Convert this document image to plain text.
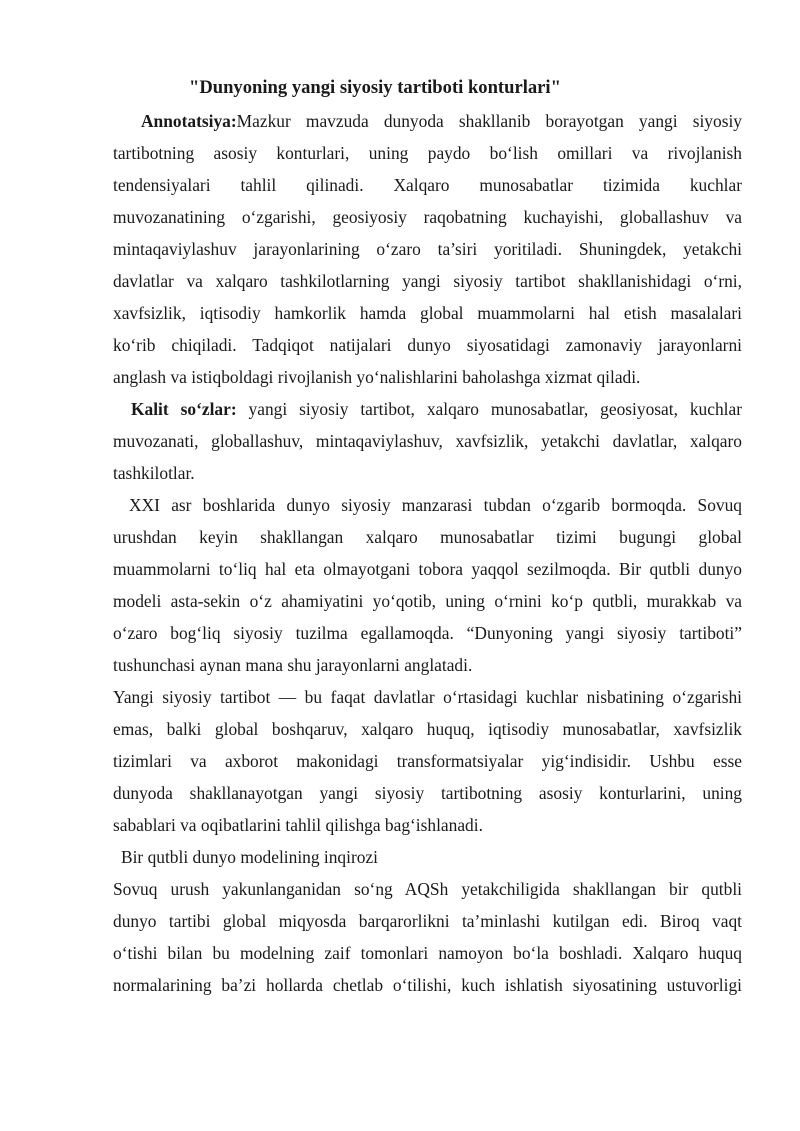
"Dunyoning yangi siyosiy tartiboti konturlari"
Annotatsiya:Mazkur mavzuda dunyoda shakllanib borayotgan yangi siyosiy
tartibotning asosiy konturlari, uning paydo bo‘lish omillari va rivojlanish
tendensiyalari tahlil qilinadi. Xalqaro munosabatlar tizimida kuchlar
muvozanatining o‘zgarishi, geosiyosiy raqobatning kuchayishi, globallashuv va
mintaqaviylashuv jarayonlarining o‘zaro ta’siri yoritiladi. Shuningdek, yetakchi
davlatlar va xalqaro tashkilotlarning yangi siyosiy tartibot shakllanishidagi o‘rni,
xavfsizlik, iqtisodiy hamkorlik hamda global muammolarni hal etish masalalari
ko‘rib chiqiladi. Tadqiqot natijalari dunyo siyosatidagi zamonaviy jarayonlarni
anglash va istiqboldagi rivojlanish yo‘nalishlarini baholashga xizmat qiladi.
Kalit so‘zlar: yangi siyosiy tartibot, xalqaro munosabatlar, geosiyosat, kuchlar
muvozanati, globallashuv, mintaqaviylashuv, xavfsizlik, yetakchi davlatlar, xalqaro
tashkilotlar.
XXI asr boshlarida dunyo siyosiy manzarasi tubdan o‘zgarib bormoqda. Sovuq
urushdan keyin shakllangan xalqaro munosabatlar tizimi bugungi global
muammolarni to‘liq hal eta olmayotgani tobora yaqqol sezilmoqda. Bir qutbli dunyo
modeli asta-sekin o‘z ahamiyatini yo‘qotib, uning o‘rnini ko‘p qutbli, murakkab va
o‘zaro bog‘liq siyosiy tuzilma egallamoqda. “Dunyoning yangi siyosiy tartiboti”
tushunchasi aynan mana shu jarayonlarni anglatadi.
Yangi siyosiy tartibot — bu faqat davlatlar o‘rtasidagi kuchlar nisbatining o‘zgarishi
emas, balki global boshqaruv, xalqaro huquq, iqtisodiy munosabatlar, xavfsizlik
tizimlari va axborot makonidagi transformatsiyalar yig‘indisidir. Ushbu esse
dunyoda shakllanayotgan yangi siyosiy tartibotning asosiy konturlarini, uning
sabablari va oqibatlarini tahlil qilishga bag‘ishlanadi.
Bir qutbli dunyo modelining inqirozi
Sovuq urush yakunlanganidan so‘ng AQSh yetakchiligida shakllangan bir qutbli
dunyo tartibi global miqyosda barqarorlikni ta’minlashi kutilgan edi. Biroq vaqt
o‘tishi bilan bu modelning zaif tomonlari namoyon bo‘la boshladi. Xalqaro huquq
normalarining ba’zi hollarda chetlab o‘tilishi, kuch ishlatish siyosatining ustuvorligi
